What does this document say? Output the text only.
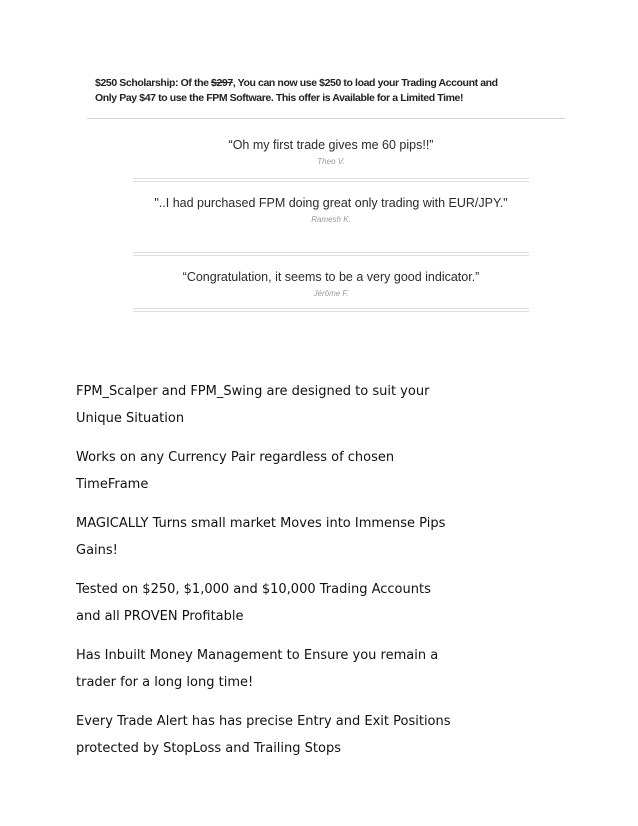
$250 Scholarship: Of the $297, You can now use $250 to load your Trading Account and
Only Pay $47 to use the FPM Software. This offer is Available for a Limited Time!
“Oh my first trade gives me 60 pips!!”
Theo V.
"..I had purchased FPM doing great only trading with EUR/JPY."
Ramesh K.
“Congratulation, it seems to be a very good indicator.”
Jérôme F.

FPM_Scalper and FPM_Swing are designed to suit your
Unique Situation

Works on any Currency Pair regardless of chosen
TimeFrame

MAGICALLY Turns small market Moves into Immense Pips
Gains!

Tested on $250, $1,000 and $10,000 Trading Accounts
and all PROVEN Profitable

Has Inbuilt Money Management to Ensure you remain a
trader for a long long time!

Every Trade Alert has has precise Entry and Exit Positions
protected by StopLoss and Trailing Stops
